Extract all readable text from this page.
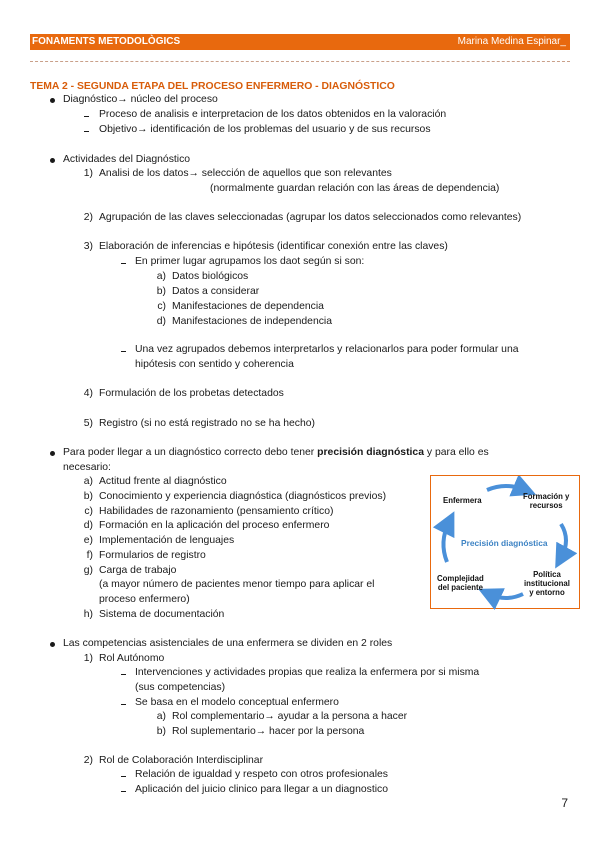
FONAMENTS METODOLÒGICS	Marina Medina Espinar_
TEMA 2 - SEGUNDA ETAPA DEL PROCESO ENFERMERO - DIAGNÓSTICO
Diagnóstico→ núcleo del proceso
Proceso de analisis e interpretacion de los datos obtenidos en la valoración
Objetivo→ identificación de los problemas del usuario y de sus recursos
Actividades del Diagnóstico
1) Analisi de los datos→ selección de aquellos que son relevantes
(normalmente guardan relación con las áreas de dependencia)
2) Agrupación de las claves seleccionadas (agrupar los datos seleccionados como relevantes)
3) Elaboración de inferencias e hipótesis (identificar conexión entre las claves)
En primer lugar agrupamos los daot según si son:
a) Datos biológicos
b) Datos a considerar
c) Manifestaciones de dependencia
d) Manifestaciones de independencia
Una vez agrupados debemos interpretarlos y relacionarlos para poder formular una
hipótesis con sentido y coherencia
4) Formulación de los probetas detectados
5) Registro (si no está registrado no se ha hecho)
Para poder llegar a un diagnóstico correcto debo tener precisión diagnóstica y para ello es
necesario:
a) Actitud frente al diagnóstico
b) Conocimiento y experiencia diagnóstica (diagnósticos previos)
c) Habilidades de razonamiento (pensamiento crítico)
d) Formación en la aplicación del proceso enfermero
e) Implementación de lenguajes
f) Formularios de registro
g) Carga de trabajo
(a mayor número de pacientes menor tiempo para aplicar el
proceso enfermero)
h) Sistema de documentación
Enfermera	Formación y
recursos
Precisión diagnóstica
Complejidad
del paciente
Política
institucional
y entorno
Las competencias asistenciales de una enfermera se dividen en 2 roles
1) Rol Autónomo
Intervenciones y actividades propias que realiza la enfermera por si misma
(sus competencias)
Se basa en el modelo conceptual enfermero
a) Rol complementario→ ayudar a la persona a hacer
b) Rol suplementario→ hacer por la persona
2) Rol de Colaboración Interdisciplinar
Relación de igualdad y respeto con otros profesionales
Aplicación del juicio clinico para llegar a un diagnostico
7
